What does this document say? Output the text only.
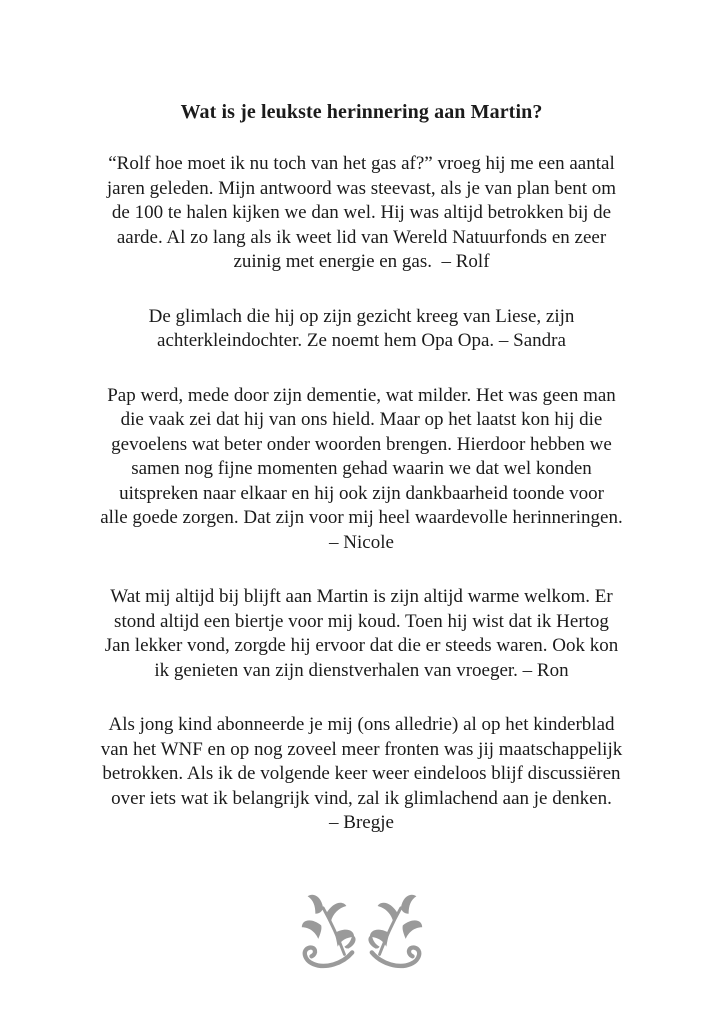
Wat is je leukste herinnering aan Martin?
“Rolf hoe moet ik nu toch van het gas af?” vroeg hij me een aantal
jaren geleden. Mijn antwoord was steevast, als je van plan bent om
de 100 te halen kijken we dan wel. Hij was altijd betrokken bij de
aarde. Al zo lang als ik weet lid van Wereld Natuurfonds en zeer
zuinig met energie en gas.  – Rolf
De glimlach die hij op zijn gezicht kreeg van Liese, zijn
achterkleindochter. Ze noemt hem Opa Opa. – Sandra
Pap werd, mede door zijn dementie, wat milder. Het was geen man
die vaak zei dat hij van ons hield. Maar op het laatst kon hij die
gevoelens wat beter onder woorden brengen. Hierdoor hebben we
samen nog fijne momenten gehad waarin we dat wel konden
uitspreken naar elkaar en hij ook zijn dankbaarheid toonde voor
alle goede zorgen. Dat zijn voor mij heel waardevolle herinneringen.
– Nicole
Wat mij altijd bij blijft aan Martin is zijn altijd warme welkom. Er
stond altijd een biertje voor mij koud. Toen hij wist dat ik Hertog
Jan lekker vond, zorgde hij ervoor dat die er steeds waren. Ook kon
ik genieten van zijn dienstverhalen van vroeger. – Ron
Als jong kind abonneerde je mij (ons alledrie) al op het kinderblad
van het WNF en op nog zoveel meer fronten was jij maatschappelijk
betrokken. Als ik de volgende keer weer eindeloos blijf discussiëren
over iets wat ik belangrijk vind, zal ik glimlachend aan je denken.
– Bregje
